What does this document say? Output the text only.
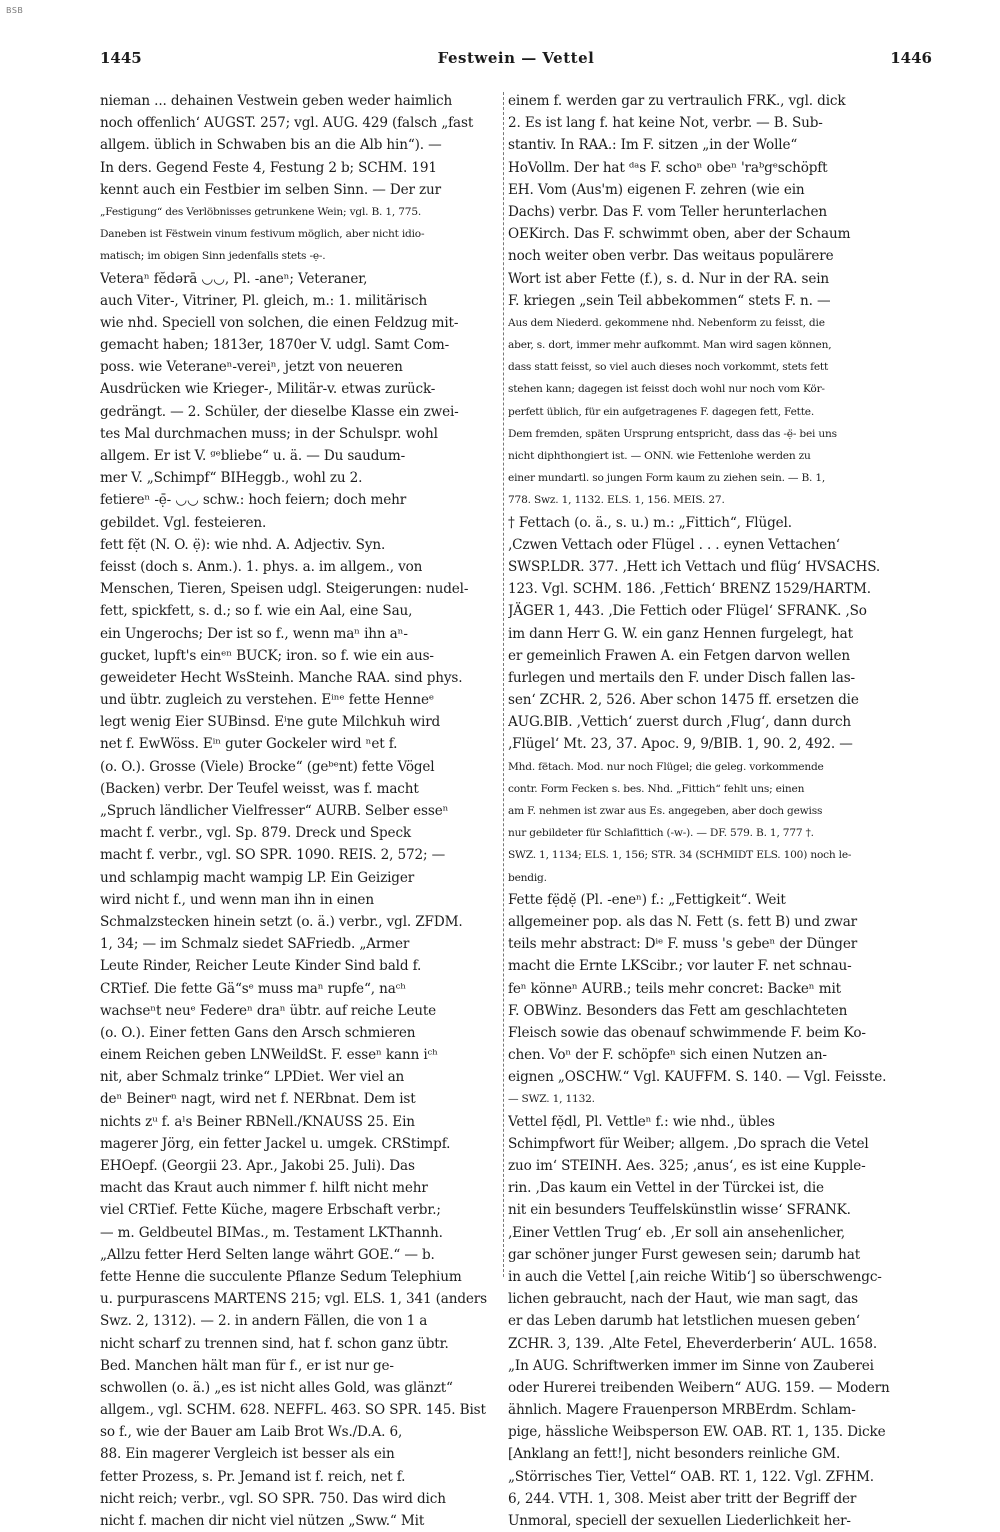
BSB
1445	Festwein — Vettel	1446
nieman ... dehainen Vestwein geben weder haimlich
noch offenlich‘ AUGST. 257; vgl. AUG. 429 (falsch „fast
allgem. üblich in Schwaben bis an die Alb hin“). —
In ders. Gegend Feste 4, Festung 2 b; SCHM. 191
kennt auch ein Festbier im selben Sinn. — Der zur
„Festigung“ des Verlöbnisses getrunkene Wein; vgl. B. 1, 775.
Daneben ist Fëstwein vinum festivum möglich, aber nicht idio-
matisch; im obigen Sinn jedenfalls stets -ẹ-.
Veteraⁿ fĕdərā ◡◡, Pl. -aneⁿ; Veteraner,
auch Viter-, Vitriner, Pl. gleich, m.: 1. militärisch
wie nhd. Speciell von solchen, die einen Feldzug mit-
gemacht haben; 1813er, 1870er V. udgl. Samt Com-
poss. wie Veteraneⁿ-vereiⁿ, jetzt von neueren
Ausdrücken wie Krieger-, Militär-v. etwas zurück-
gedrängt. — 2. Schüler, der dieselbe Klasse ein zwei-
tes Mal durchmachen muss; in der Schulspr. wohl
allgem. Er ist V. ᵍᵉbliebe“ u. ä. — Du saudum-
mer V. „Schimpf“ BIHeggb., wohl zu 2.
fetiereⁿ -ẹ̄- ◡◡ schw.: hoch feiern; doch mehr
gebildet. Vgl. festeieren.
fett fẹ̆t (N. O. ẹ̈): wie nhd. A. Adjectiv. Syn.
feisst (doch s. Anm.). 1. phys. a. im allgem., von
Menschen, Tieren, Speisen udgl. Steigerungen: nudel-
fett, spickfett, s. d.; so f. wie ein Aal, eine Sau,
ein Ungerochs; Der ist so f., wenn maⁿ ihn aⁿ-
gucket, lupft's einᵉⁿ BUCK; iron. so f. wie ein aus-
geweideter Hecht WsSteinh. Manche RAA. sind phys.
und übtr. zugleich zu verstehen. Eⁱⁿᵉ fette Henneᵉ
legt wenig Eier SUBinsd. Eⁱne gute Milchkuh wird
net f. EwWöss. Eⁱⁿ guter Gockeler wird ⁿet f.
(o. O.). Grosse (Viele) Brocke“ (geᵇᵉnt) fette Vögel
(Backen) verbr. Der Teufel weisst, was f. macht
„Spruch ländlicher Vielfresser“ AURB. Selber esseⁿ
macht f. verbr., vgl. Sp. 879. Dreck und Speck
macht f. verbr., vgl. SO SPR. 1090. REIS. 2, 572; —
und schlampig macht wampig LP. Ein Geiziger
wird nicht f., und wenn man ihn in einen
Schmalzstecken hinein setzt (o. ä.) verbr., vgl. ZFDM.
1, 34; — im Schmalz siedet SAFriedb. „Armer
Leute Rinder, Reicher Leute Kinder Sind bald f.
CRTief. Die fette Gä“sᵉ muss maⁿ rupfe“, naᶜʰ
wachseⁿt neuᵉ Federeⁿ draⁿ übtr. auf reiche Leute
(o. O.). Einer fetten Gans den Arsch schmieren
einem Reichen geben LNWeildSt. F. esseⁿ kann iᶜʰ
nit, aber Schmalz trinke“ LPDiet. Wer viel an
deⁿ Beinerⁿ nagt, wird net f. NERbnat. Dem ist
nichts zᵘ f. aˡs Beiner RBNell./KNAUSS 25. Ein
magerer Jörg, ein fetter Jackel u. umgek. CRStimpf.
EHOepf. (Georgii 23. Apr., Jakobi 25. Juli). Das
macht das Kraut auch nimmer f. hilft nicht mehr
viel CRTief. Fette Küche, magere Erbschaft verbr.;
— m. Geldbeutel BIMas., m. Testament LKThannh.
„Allzu fetter Herd Selten lange währt GOE.“ — b.
fette Henne die succulente Pflanze Sedum Telephium
u. purpurascens MARTENS 215; vgl. ELS. 1, 341 (anders
Swz. 2, 1312). — 2. in andern Fällen, die von 1 a
nicht scharf zu trennen sind, hat f. schon ganz übtr.
Bed. Manchen hält man für f., er ist nur ge-
schwollen (o. ä.) „es ist nicht alles Gold, was glänzt“
allgem., vgl. SCHM. 628. NEFFL. 463. SO SPR. 145. Bist
so f., wie der Bauer am Laib Brot Ws./D.A. 6,
88. Ein magerer Vergleich ist besser als ein
fetter Prozess, s. Pr. Jemand ist f. reich, net f.
nicht reich; verbr., vgl. SO SPR. 750. Das wird dich
nicht f. machen dir nicht viel nützen „Sww.“ Mit
einem f. werden gar zu vertraulich FRK., vgl. dick
2. Es ist lang f. hat keine Not, verbr. — B. Sub-
stantiv. In RAA.: Im F. sitzen „in der Wolle“
HoVollm. Der hat ᵈᵃs F. schoⁿ obeⁿ 'raᵇgᵉschöpft
EH. Vom (Aus'm) eigenen F. zehren (wie ein
Dachs) verbr. Das F. vom Teller herunterlachen
OEKirch. Das F. schwimmt oben, aber der Schaum
noch weiter oben verbr. Das weitaus populärere
Wort ist aber Fette (f.), s. d. Nur in der RA. sein
F. kriegen „sein Teil abbekommen“ stets F. n. —
Aus dem Niederd. gekommene nhd. Nebenform zu feisst, die
aber, s. dort, immer mehr aufkommt. Man wird sagen können,
dass statt feisst, so viel auch dieses noch vorkommt, stets fett
stehen kann; dagegen ist feisst doch wohl nur noch vom Kör-
perfett üblich, für ein aufgetragenes F. dagegen fett, Fette.
Dem fremden, späten Ursprung entspricht, dass das -ẹ̈- bei uns
nicht diphthongiert ist. — ONN. wie Fettenlohe werden zu
einer mundartl. so jungen Form kaum zu ziehen sein. — B. 1,
778. Swz. 1, 1132. ELS. 1, 156. MEIS. 27.
† Fettach (o. ä., s. u.) m.: „Fittich“, Flügel.
‚Czwen Vettach oder Flügel . . . eynen Vettachen‘
SWSP.LDR. 377. ‚Hett ich Vettach und flüg‘ HVSACHS.
123. Vgl. SCHM. 186. ‚Fettich‘ BRENZ 1529/HARTM.
JÄGER 1, 443. ‚Die Fettich oder Flügel‘ SFRANK. ‚So
im dann Herr G. W. ein ganz Hennen furgelegt, hat
er gemeinlich Frawen A. ein Fetgen darvon wellen
furlegen und mertails den F. under Disch fallen las-
sen‘ ZCHR. 2, 526. Aber schon 1475 ff. ersetzen die
AUG.BIB. ‚Vettich‘ zuerst durch ‚Flug‘, dann durch
‚Flügel‘ Mt. 23, 37. Apoc. 9, 9/BIB. 1, 90. 2, 492. —
Mhd. fëtach. Mod. nur noch Flügel; die geleg. vorkommende
contr. Form Fecken s. bes. Nhd. „Fittich“ fehlt uns; einen
am F. nehmen ist zwar aus Es. angegeben, aber doch gewiss
nur gebildeter für Schlafittich (-w-). — DF. 579. B. 1, 777 †.
SWZ. 1, 1134; ELS. 1, 156; STR. 34 (SCHMIDT ELS. 100) noch le-
bendig.
Fette fẹ̈dẹ̆ (Pl. -eneⁿ) f.: „Fettigkeit“. Weit
allgemeiner pop. als das N. Fett (s. fett B) und zwar
teils mehr abstract: Dⁱᵉ F. muss 's gebeⁿ der Dünger
macht die Ernte LKScibr.; vor lauter F. net schnau-
feⁿ könneⁿ AURB.; teils mehr concret: Backeⁿ mit
F. OBWinz. Besonders das Fett am geschlachteten
Fleisch sowie das obenauf schwimmende F. beim Ko-
chen. Voⁿ der F. schöpfeⁿ sich einen Nutzen an-
eignen „OSCHW.“ Vgl. KAUFFM. S. 140. — Vgl. Feisste.
— SWZ. 1, 1132.
Vettel fẹ̆dl, Pl. Vettleⁿ f.: wie nhd., übles
Schimpfwort für Weiber; allgem. ‚Do sprach die Vetel
zuo im‘ STEINH. Aes. 325; ‚anus‘, es ist eine Kupple-
rin. ‚Das kaum ein Vettel in der Türckei ist, die
nit ein besunders Teuffelskünstlin wisse‘ SFRANK.
‚Einer Vettlen Trug‘ eb. ‚Er soll ain ansehenlicher,
gar schöner junger Furst gewesen sein; darumb hat
in auch die Vettel [‚ain reiche Witib‘] so überschwengc-
lichen gebraucht, nach der Haut, wie man sagt, das
er das Leben darumb hat letstlichen muesen geben‘
ZCHR. 3, 139. ‚Alte Fetel, Eheverderberin‘ AUL. 1658.
„In AUG. Schriftwerken immer im Sinne von Zauberei
oder Hurerei treibenden Weibern“ AUG. 159. — Modern
ähnlich. Magere Frauenperson MRBErdm. Schlam-
pige, hässliche Weibsperson EW. OAB. RT. 1, 135. Dicke
[Anklang an fett!], nicht besonders reinliche GM.
„Störrisches Tier, Vettel“ OAB. RT. 1, 122. Vgl. ZFHM.
6, 244. VTH. 1, 308. Meist aber tritt der Begriff der
Unmoral, speciell der sexuellen Liederlichkeit her-
